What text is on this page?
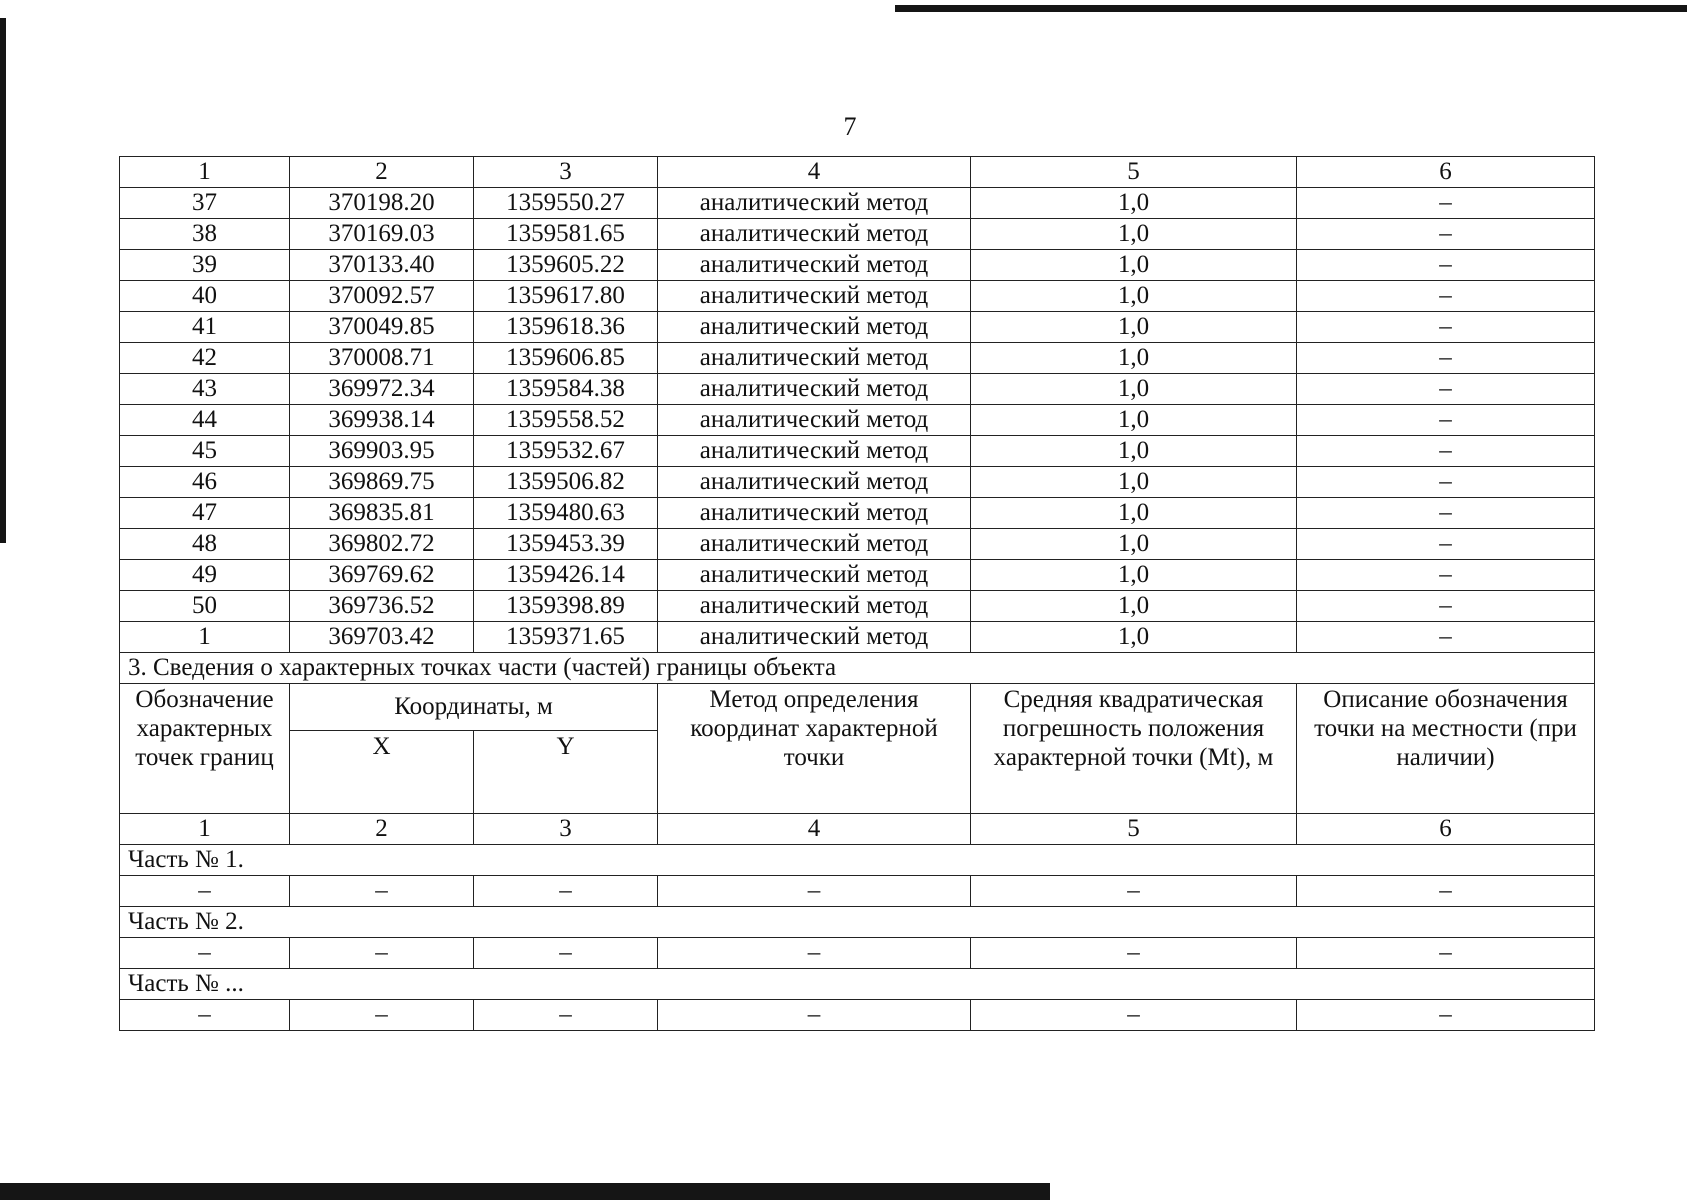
7
1	2	3	4	5	6
37	370198.20	1359550.27	аналитический метод	1,0	–
38	370169.03	1359581.65	аналитический метод	1,0	–
39	370133.40	1359605.22	аналитический метод	1,0	–
40	370092.57	1359617.80	аналитический метод	1,0	–
41	370049.85	1359618.36	аналитический метод	1,0	–
42	370008.71	1359606.85	аналитический метод	1,0	–
43	369972.34	1359584.38	аналитический метод	1,0	–
44	369938.14	1359558.52	аналитический метод	1,0	–
45	369903.95	1359532.67	аналитический метод	1,0	–
46	369869.75	1359506.82	аналитический метод	1,0	–
47	369835.81	1359480.63	аналитический метод	1,0	–
48	369802.72	1359453.39	аналитический метод	1,0	–
49	369769.62	1359426.14	аналитический метод	1,0	–
50	369736.52	1359398.89	аналитический метод	1,0	–
1	369703.42	1359371.65	аналитический метод	1,0	–
3. Сведения о характерных точках части (частей) границы объекта					
Обозначение характерных точек границ	Координаты, м		Метод определения координат характерной точки	Средняя квадратическая погрешность положения характерной точки (Mt), м	Описание обозначения точки на местности (при наличии)
	X	Y			
1	2	3	4	5	6
Часть № 1.					
–	–	–	–	–	–
Часть № 2.					
–	–	–	–	–	–
Часть № ...					
–	–	–	–	–	–
